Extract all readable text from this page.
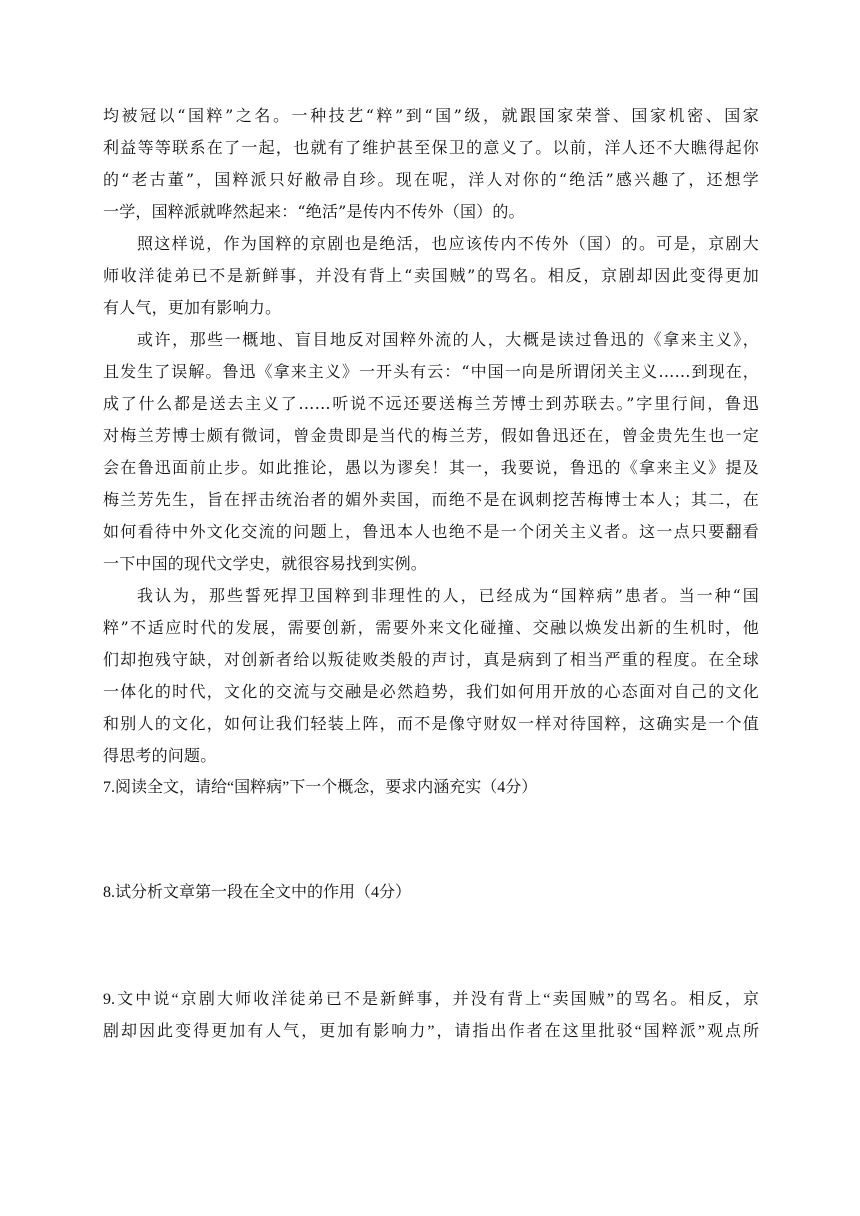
均被冠以“国粹”之名。一种技艺“粹”到“国”级，就跟国家荣誉、国家机密、国家
利益等等联系在了一起，也就有了维护甚至保卫的意义了。以前，洋人还不大瞧得起你
的“老古董”，国粹派只好敝帚自珍。现在呢，洋人对你的“绝活”感兴趣了，还想学
一学，国粹派就哗然起来：“绝活”是传内不传外（国）的。
照这样说，作为国粹的京剧也是绝活，也应该传内不传外（国）的。可是，京剧大
师收洋徒弟已不是新鲜事，并没有背上“卖国贼”的骂名。相反，京剧却因此变得更加
有人气，更加有影响力。
或许，那些一概地、盲目地反对国粹外流的人，大概是读过鲁迅的《拿来主义》，
且发生了误解。鲁迅《拿来主义》一开头有云：“中国一向是所谓闭关主义……到现在，
成了什么都是送去主义了……听说不远还要送梅兰芳博士到苏联去。”字里行间，鲁迅
对梅兰芳博士颇有微词，曾金贵即是当代的梅兰芳，假如鲁迅还在，曾金贵先生也一定
会在鲁迅面前止步。如此推论，愚以为谬矣！其一，我要说，鲁迅的《拿来主义》提及
梅兰芳先生，旨在抨击统治者的媚外卖国，而绝不是在讽刺挖苦梅博士本人；其二，在
如何看待中外文化交流的问题上，鲁迅本人也绝不是一个闭关主义者。这一点只要翻看
一下中国的现代文学史，就很容易找到实例。
我认为，那些誓死捍卫国粹到非理性的人，已经成为“国粹病”患者。当一种“国
粹”不适应时代的发展，需要创新，需要外来文化碰撞、交融以焕发出新的生机时，他
们却抱残守缺，对创新者给以叛徒败类般的声讨，真是病到了相当严重的程度。在全球
一体化的时代，文化的交流与交融是必然趋势，我们如何用开放的心态面对自己的文化
和别人的文化，如何让我们轻装上阵，而不是像守财奴一样对待国粹，这确实是一个值
得思考的问题。
7.阅读全文，请给“国粹病”下一个概念，要求内涵充实（4分）
8.试分析文章第一段在全文中的作用（4分）
9.文中说“京剧大师收洋徒弟已不是新鲜事，并没有背上“卖国贼”的骂名。相反，京
剧却因此变得更加有人气，更加有影响力”，请指出作者在这里批驳“国粹派”观点所
